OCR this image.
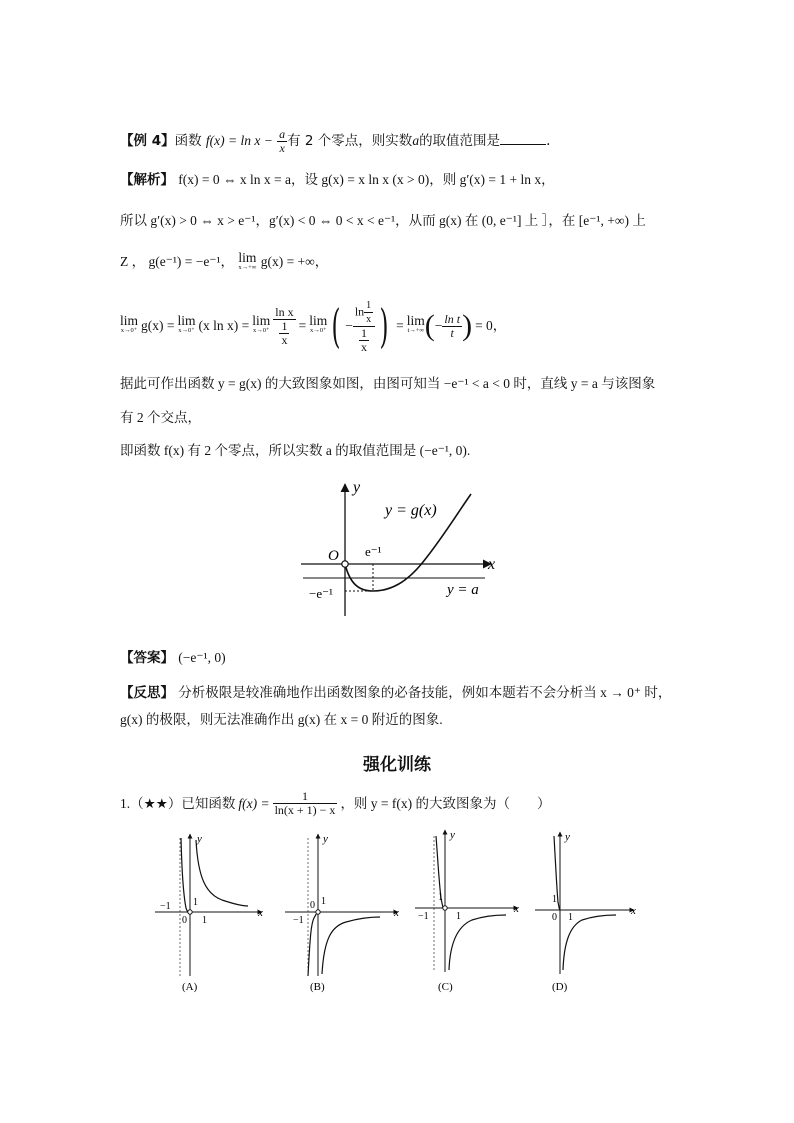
【例 4】函数 $f(x) = \ln x - \frac{a}{x}$ 有 2 个零点，则实数a的取值范围是	.
【解析】 f(x) = 0 ⇔ x ln x = a，设 g(x) = x ln x (x > 0)，则 g′(x) = 1 + ln x，
所以 g′(x) > 0 ⇔ x > e⁻¹，g′(x) < 0 ⇔ 0 < x < e⁻¹，从而 g(x) 在 (0, e⁻¹] 上 ］，在 [e⁻¹, +∞) 上
Z ， g(e⁻¹) = −e⁻¹， lim
x→+∞ g(x) = +∞，
lim
x→0⁺ g(x) = lim
x→0⁺ (x ln x) = lim
$x\to 0^+ \frac{\text{ln x}}{\frac{1}{x}} = \lim$
x→0⁺ ( − $\frac{\ln \frac{1}{x}}{\frac{1}{x}}$ ) = lim
t→+∞ ( − $\frac{\text{ln t}}{t}$ ) = 0，
据此可作出函数 y = g(x) 的大致图象如图，由图可知当 −e⁻¹ < a < 0 时，直线 y = a 与该图象
有 2 个交点，
即函数 f(x) 有 2 个零点，所以实数 a 的取值范围是 (−e⁻¹, 0).
y
x
O
y = g(x)
e⁻¹
−e⁻¹	y = a
【答案】 (−e⁻¹, 0)
【反思】 分析极限是较准确地作出函数图象的必备技能，例如本题若不会分析当 x → 0⁺ 时，
g(x) 的极限，则无法准确作出 g(x) 在 x = 0 附近的图象.
强化训练
1. （★★） 已知函数 $f(x) = \frac{1}{\ln(x + 1) - x}$ ，则 y = f(x) 的大致图象为（　　）
y
x
−1 1
0 1
(A)
y
x
−1
1
0
(B)
y
x
−1
1
1
(C)
y
x
1
0 1
(D)
